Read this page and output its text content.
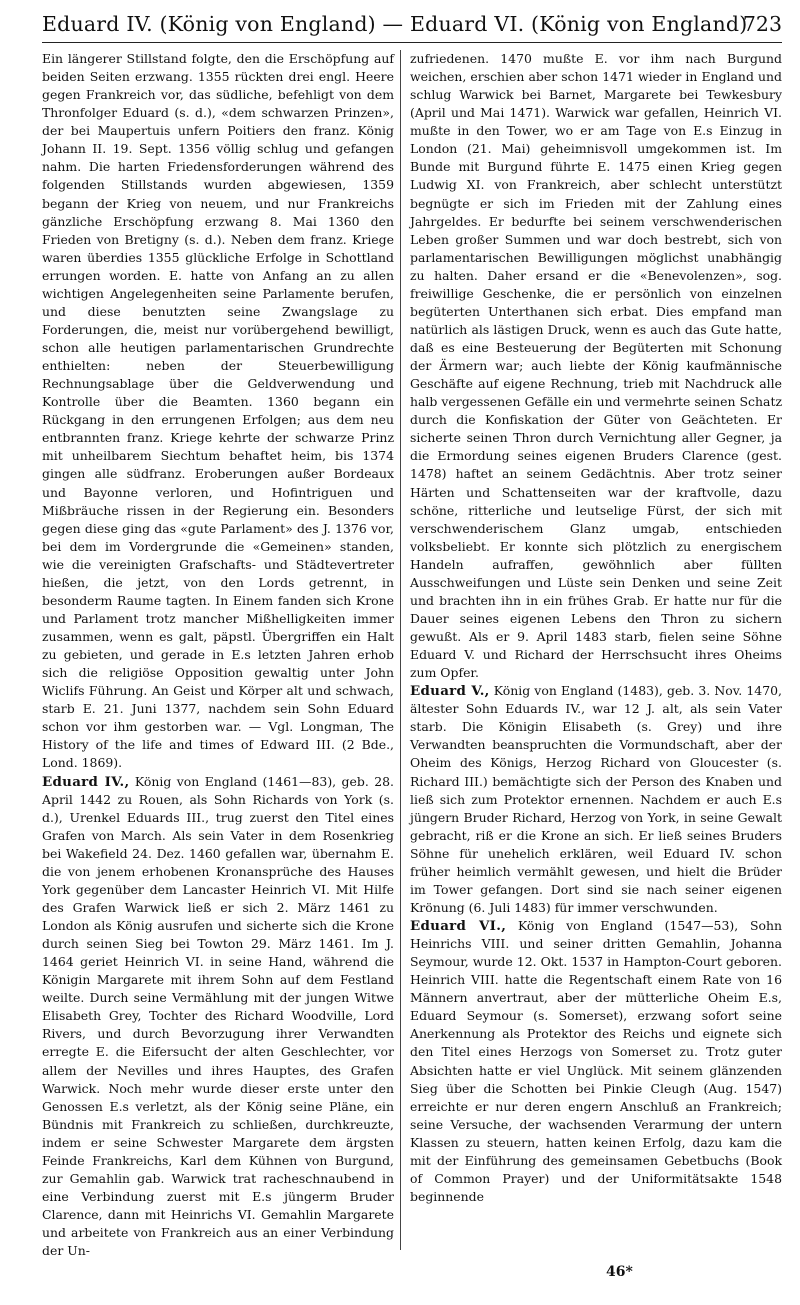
Eduard IV. (König von England) — Eduard VI. (König von England)
723

Ein längerer Stillstand folgte, den die Erschöpfung auf beiden Seiten erzwang. 1355 rückten drei engl. Heere gegen Frankreich vor, das südliche, befehligt von dem Thronfolger Eduard (s. d.), «dem schwarzen Prinzen», der bei Maupertuis unfern Poitiers den franz. König Johann II. 19. Sept. 1356 völlig schlug und gefangen nahm. Die harten Friedensforderungen während des folgenden Stillstands wurden abgewiesen, 1359 begann der Krieg von neuem, und nur Frankreichs gänzliche Erschöpfung erzwang 8. Mai 1360 den Frieden von Bretigny (s. d.). Neben dem franz. Kriege waren überdies 1355 glückliche Erfolge in Schottland errungen worden. E. hatte von Anfang an zu allen wichtigen Angelegenheiten seine Parlamente berufen, und diese benutzten seine Zwangslage zu Forderungen, die, meist nur vorübergehend bewilligt, schon alle heutigen parlamentarischen Grundrechte enthielten: neben der Steuerbewilligung Rechnungsablage über die Geldverwendung und Kontrolle über die Beamten. 1360 begann ein Rückgang in den errungenen Erfolgen; aus dem neu entbrannten franz. Kriege kehrte der schwarze Prinz mit unheilbarem Siechtum behaftet heim, bis 1374 gingen alle südfranz. Eroberungen außer Bordeaux und Bayonne verloren, und Hofintriguen und Mißbräuche rissen in der Regierung ein. Besonders gegen diese ging das «gute Parlament» des J. 1376 vor, bei dem im Vordergrunde die «Gemeinen» standen, wie die vereinigten Grafschafts- und Städtevertreter hießen, die jetzt, von den Lords getrennt, in besonderm Raume tagten. In Einem fanden sich Krone und Parlament trotz mancher Mißhelligkeiten immer zusammen, wenn es galt, päpstl. Übergriffen ein Halt zu gebieten, und gerade in E.s letzten Jahren erhob sich die religiöse Opposition gewaltig unter John Wiclifs Führung. An Geist und Körper alt und schwach, starb E. 21. Juni 1377, nachdem sein Sohn Eduard schon vor ihm gestorben war. — Vgl. Longman, The History of the life and times of Edward III. (2 Bde., Lond. 1869).

Eduard IV., König von England (1461—83), geb. 28. April 1442 zu Rouen, als Sohn Richards von York (s. d.), Urenkel Eduards III., trug zuerst den Titel eines Grafen von March. Als sein Vater in dem Rosenkrieg bei Wakefield 24. Dez. 1460 gefallen war, übernahm E. die von jenem erhobenen Kronansprüche des Hauses York gegenüber dem Lancaster Heinrich VI. Mit Hilfe des Grafen Warwick ließ er sich 2. März 1461 zu London als König ausrufen und sicherte sich die Krone durch seinen Sieg bei Towton 29. März 1461. Im J. 1464 geriet Heinrich VI. in seine Hand, während die Königin Margarete mit ihrem Sohn auf dem Festland weilte. Durch seine Vermählung mit der jungen Witwe Elisabeth Grey, Tochter des Richard Woodville, Lord Rivers, und durch Bevorzugung ihrer Verwandten erregte E. die Eifersucht der alten Geschlechter, vor allem der Nevilles und ihres Hauptes, des Grafen Warwick. Noch mehr wurde dieser erste unter den Genossen E.s verletzt, als der König seine Pläne, ein Bündnis mit Frankreich zu schließen, durchkreuzte, indem er seine Schwester Margarete dem ärgsten Feinde Frankreichs, Karl dem Kühnen von Burgund, zur Gemahlin gab. Warwick trat racheschnaubend in eine Verbindung zuerst mit E.s jüngerm Bruder Clarence, dann mit Heinrichs VI. Gemahlin Margarete und arbeitete von Frankreich aus an einer Verbindung der Un-

zufriedenen. 1470 mußte E. vor ihm nach Burgund weichen, erschien aber schon 1471 wieder in England und schlug Warwick bei Barnet, Margarete bei Tewkesbury (April und Mai 1471). Warwick war gefallen, Heinrich VI. mußte in den Tower, wo er am Tage von E.s Einzug in London (21. Mai) geheimnisvoll umgekommen ist. Im Bunde mit Burgund führte E. 1475 einen Krieg gegen Ludwig XI. von Frankreich, aber schlecht unterstützt begnügte er sich im Frieden mit der Zahlung eines Jahrgeldes. Er bedurfte bei seinem verschwenderischen Leben großer Summen und war doch bestrebt, sich von parlamentarischen Bewilligungen möglichst unabhängig zu halten. Daher ersand er die «Benevolenzen», sog. freiwillige Geschenke, die er persönlich von einzelnen begüterten Unterthanen sich erbat. Dies empfand man natürlich als lästigen Druck, wenn es auch das Gute hatte, daß es eine Besteuerung der Begüterten mit Schonung der Ärmern war; auch liebte der König kaufmännische Geschäfte auf eigene Rechnung, trieb mit Nachdruck alle halb vergessenen Gefälle ein und vermehrte seinen Schatz durch die Konfiskation der Güter von Geächteten. Er sicherte seinen Thron durch Vernichtung aller Gegner, ja die Ermordung seines eigenen Bruders Clarence (gest. 1478) haftet an seinem Gedächtnis. Aber trotz seiner Härten und Schattenseiten war der kraftvolle, dazu schöne, ritterliche und leutselige Fürst, der sich mit verschwenderischem Glanz umgab, entschieden volksbeliebt. Er konnte sich plötzlich zu energischem Handeln aufraffen, gewöhnlich aber füllten Ausschweifungen und Lüste sein Denken und seine Zeit und brachten ihn in ein frühes Grab. Er hatte nur für die Dauer seines eigenen Lebens den Thron zu sichern gewußt. Als er 9. April 1483 starb, fielen seine Söhne Eduard V. und Richard der Herrschsucht ihres Oheims zum Opfer.

Eduard V., König von England (1483), geb. 3. Nov. 1470, ältester Sohn Eduards IV., war 12 J. alt, als sein Vater starb. Die Königin Elisabeth (s. Grey) und ihre Verwandten beanspruchten die Vormundschaft, aber der Oheim des Königs, Herzog Richard von Gloucester (s. Richard III.) bemächtigte sich der Person des Knaben und ließ sich zum Protektor ernennen. Nachdem er auch E.s jüngern Bruder Richard, Herzog von York, in seine Gewalt gebracht, riß er die Krone an sich. Er ließ seines Bruders Söhne für unehelich erklären, weil Eduard IV. schon früher heimlich vermählt gewesen, und hielt die Brüder im Tower gefangen. Dort sind sie nach seiner eigenen Krönung (6. Juli 1483) für immer verschwunden.

Eduard VI., König von England (1547—53), Sohn Heinrichs VIII. und seiner dritten Gemahlin, Johanna Seymour, wurde 12. Okt. 1537 in Hampton-Court geboren. Heinrich VIII. hatte die Regentschaft einem Rate von 16 Männern anvertraut, aber der mütterliche Oheim E.s, Eduard Seymour (s. Somerset), erzwang sofort seine Anerkennung als Protektor des Reichs und eignete sich den Titel eines Herzogs von Somerset zu. Trotz guter Absichten hatte er viel Unglück. Mit seinem glänzenden Sieg über die Schotten bei Pinkie Cleugh (Aug. 1547) erreichte er nur deren engern Anschluß an Frankreich; seine Versuche, der wachsenden Verarmung der untern Klassen zu steuern, hatten keinen Erfolg, dazu kam die mit der Einführung des gemeinsamen Gebetbuchs (Book of Common Prayer) und der Uniformitätsakte 1548 beginnende

46*
